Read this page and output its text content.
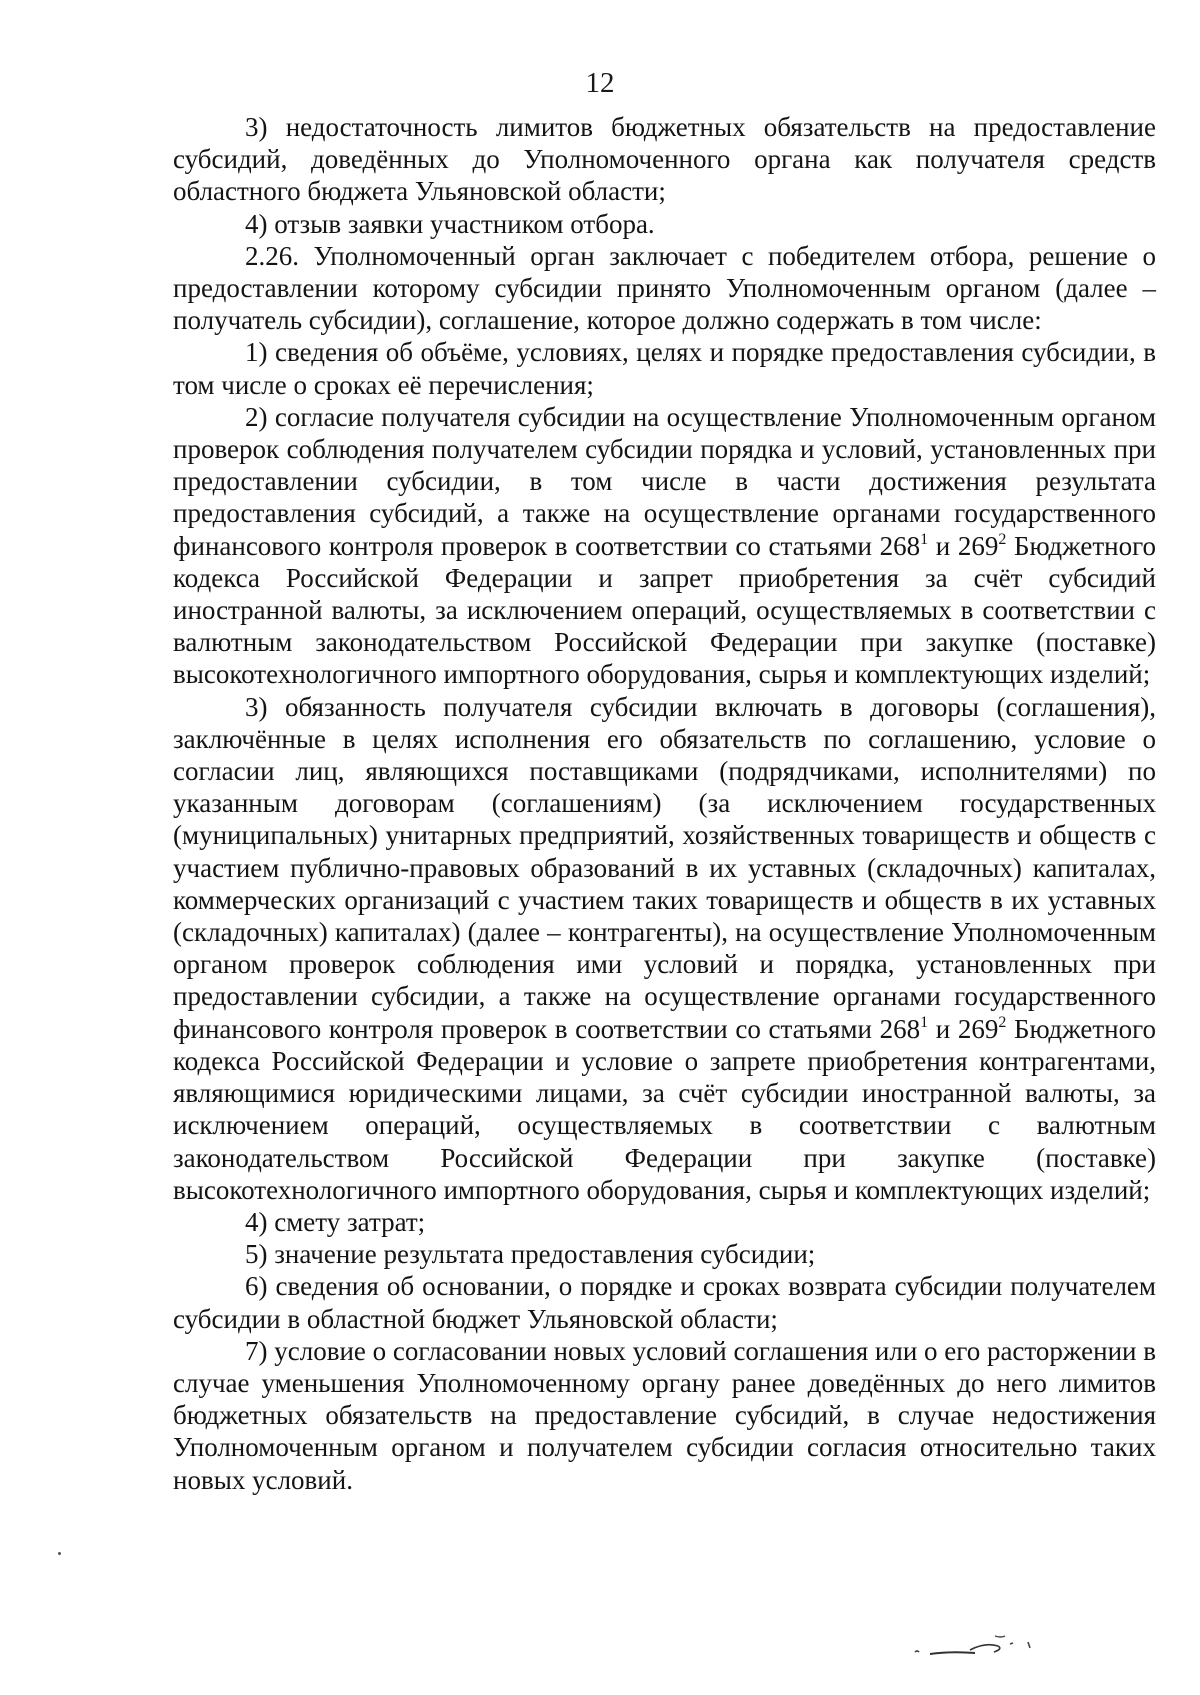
12

3) недостаточность лимитов бюджетных обязательств на предоставление субсидий, доведённых до Уполномоченного органа как получателя средств областного бюджета Ульяновской области;

4) отзыв заявки участником отбора.

2.26. Уполномоченный орган заключает с победителем отбора, решение о предоставлении которому субсидии принято Уполномоченным органом (далее – получатель субсидии), соглашение, которое должно содержать в том числе:

1) сведения об объёме, условиях, целях и порядке предоставления субсидии, в том числе о сроках её перечисления;

2) согласие получателя субсидии на осуществление Уполномоченным органом проверок соблюдения получателем субсидии порядка и условий, установленных при предоставлении субсидии, в том числе в части достижения результата предоставления субсидий, а также на осуществление органами государственного финансового контроля проверок в соответствии со статьями $268^1$ и $269^2$ Бюджетного кодекса Российской Федерации и запрет приобретения за счёт субсидий иностранной валюты, за исключением операций, осуществляемых в соответствии с валютным законодательством Российской Федерации при закупке (поставке) высокотехнологичного импортного оборудования, сырья и комплектующих изделий;

3) обязанность получателя субсидии включать в договоры (соглашения), заключённые в целях исполнения его обязательств по соглашению, условие о согласии лиц, являющихся поставщиками (подрядчиками, исполнителями) по указанным договорам (соглашениям) (за исключением государственных (муниципальных) унитарных предприятий, хозяйственных товариществ и обществ с участием публично-правовых образований в их уставных (складочных) капиталах, коммерческих организаций с участием таких товариществ и обществ в их уставных (складочных) капиталах) (далее – контрагенты), на осуществление Уполномоченным органом проверок соблюдения ими условий и порядка, установленных при предоставлении субсидии, а также на осуществление органами государственного финансового контроля проверок в соответствии со статьями $268^1$ и $269^2$ Бюджетного кодекса Российской Федерации и условие о запрете приобретения контрагентами, являющимися юридическими лицами, за счёт субсидии иностранной валюты, за исключением операций, осуществляемых в соответствии с валютным законодательством Российской Федерации при закупке (поставке) высокотехнологичного импортного оборудования, сырья и комплектующих изделий;

4) смету затрат;

5) значение результата предоставления субсидии;

6) сведения об основании, о порядке и сроках возврата субсидии получателем субсидии в областной бюджет Ульяновской области;

7) условие о согласовании новых условий соглашения или о его расторжении в случае уменьшения Уполномоченному органу ранее доведённых до него лимитов бюджетных обязательств на предоставление субсидий, в случае недостижения Уполномоченным органом и получателем субсидии согласия относительно таких новых условий.
